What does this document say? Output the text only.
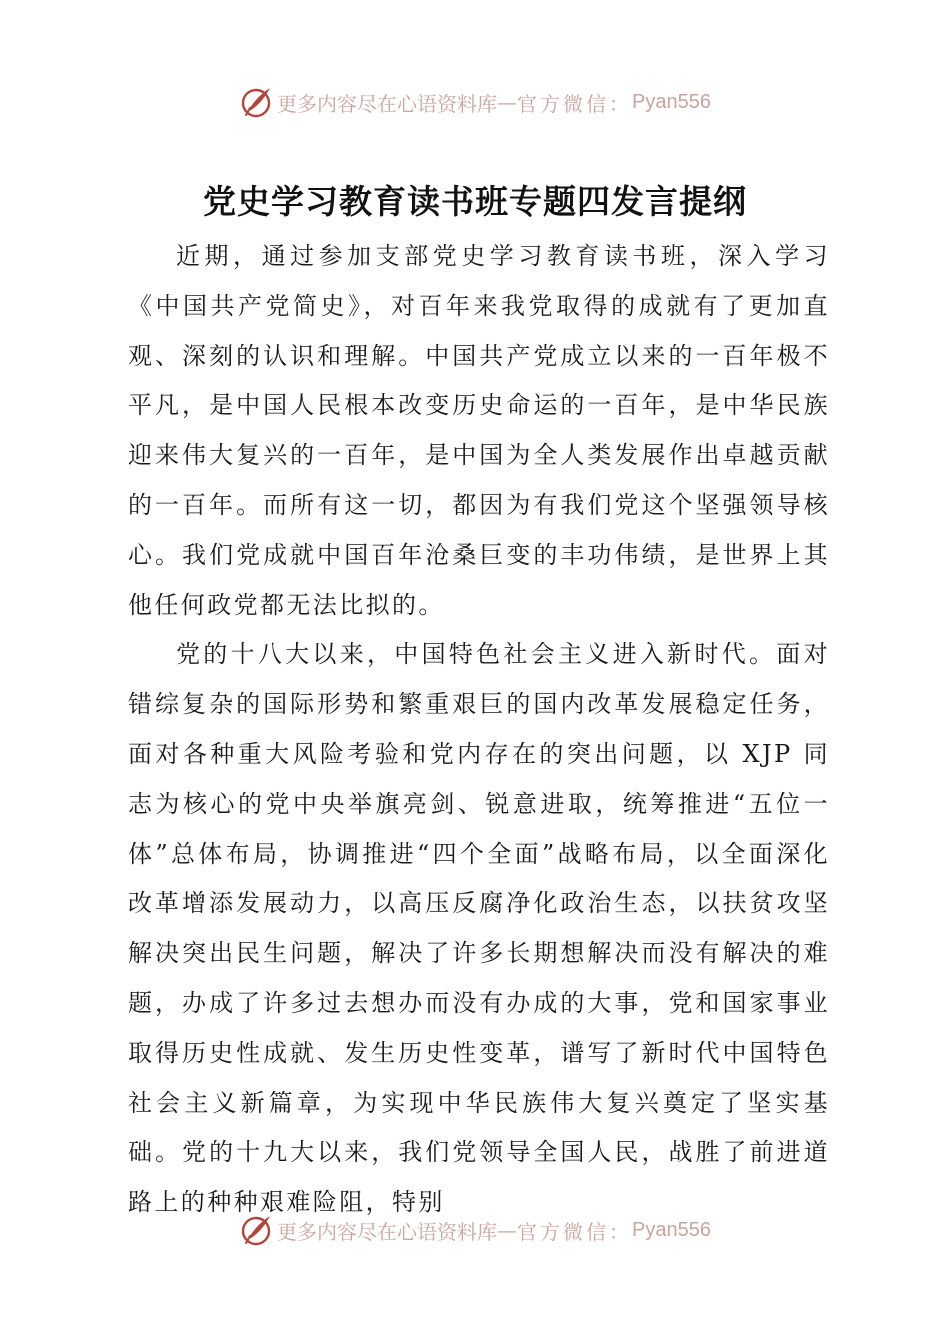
更多内容尽在心语资料库 — 官方微信： Pyan556
党史学习教育读书班专题四发言提纲

近期，通过参加支部党史学习教育读书班，深入学习《中国共产党简史》，对百年来我党取得的成就有了更加直观、深刻的认识和理解。中国共产党成立以来的一百年极不平凡，是中国人民根本改变历史命运的一百年，是中华民族迎来伟大复兴的一百年，是中国为全人类发展作出卓越贡献的一百年。而所有这一切，都因为有我们党这个坚强领导核心。我们党成就中国百年沧桑巨变的丰功伟绩，是世界上其他任何政党都无法比拟的。

党的十八大以来，中国特色社会主义进入新时代。面对错综复杂的国际形势和繁重艰巨的国内改革发展稳定任务，面对各种重大风险考验和党内存在的突出问题，以 XJP 同志为核心的党中央举旗亮剑、锐意进取，统筹推进“五位一体”总体布局，协调推进“四个全面”战略布局，以全面深化改革增添发展动力，以高压反腐净化政治生态，以扶贫攻坚解决突出民生问题，解决了许多长期想解决而没有解决的难题，办成了许多过去想办而没有办成的大事，党和国家事业取得历史性成就、发生历史性变革，谱写了新时代中国特色社会主义新篇章，为实现中华民族伟大复兴奠定了坚实基础。党的十九大以来，我们党领导全国人民，战胜了前进道路上的种种艰难险阻，特别

更多内容尽在心语资料库 — 官方微信： Pyan556
